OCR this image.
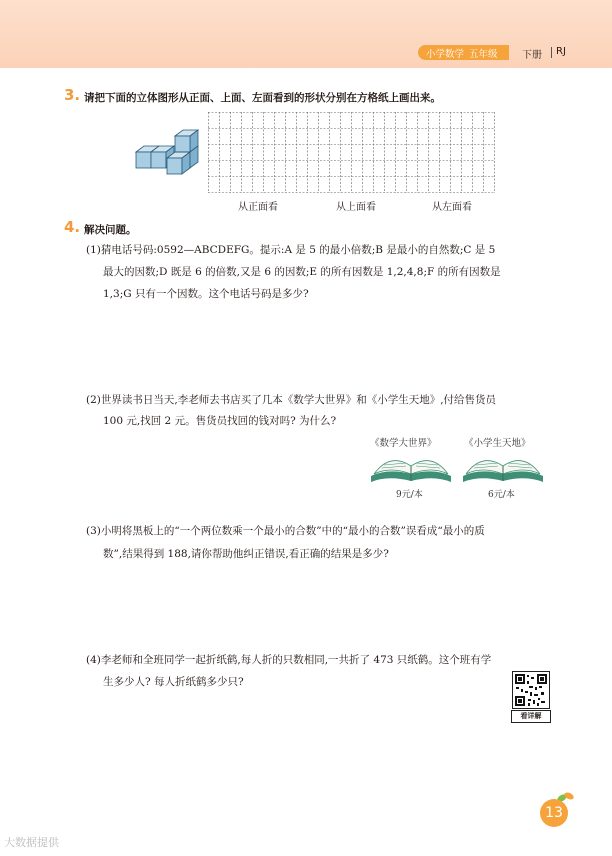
小学数学 五年级 下册 RJ
3. 请把下面的立体图形从正面、上面、左面看到的形状分别在方格纸上画出来。
从正面看	从上面看	从左面看
4. 解决问题。
(1)猜电话号码:0592—ABCDEFG。提示:A 是 5 的最小倍数;B 是最小的自然数;C 是 5
最大的因数;D 既是 6 的倍数,又是 6 的因数;E 的所有因数是 1,2,4,8;F 的所有因数是
1,3;G 只有一个因数。这个电话号码是多少?
(2)世界读书日当天,李老师去书店买了几本《数学大世界》和《小学生天地》,付给售货员
100 元,找回 2 元。售货员找回的钱对吗? 为什么?
《数学大世界》	《小学生天地》
9元/本	6元/本
(3)小明将黑板上的“一个两位数乘一个最小的合数”中的“最小的合数”误看成“最小的质
数”,结果得到 188,请你帮助他纠正错误,看正确的结果是多少?
(4)李老师和全班同学一起折纸鹤,每人折的只数相同,一共折了 473 只纸鹤。这个班有学
生多少人? 每人折纸鹤多少只?
看详解
13
大数据提供
